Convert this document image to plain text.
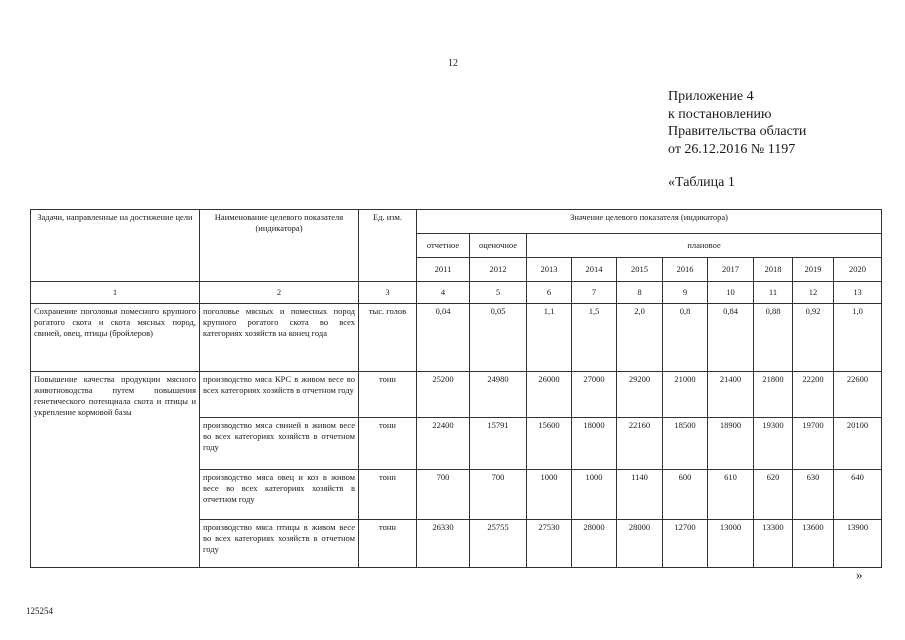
12
Приложение 4
к постановлению
Правительства области
от 26.12.2016 № 1197
«Таблица 1
Задачи, направленные на достижение цели	Наименование целевого показателя (индикатора)	Ед. изм.	Значение целевого показателя (индикатора)									
			отчетное	оценочное	плановое							
			2011	2012	2013	2014	2015	2016	2017	2018	2019	2020
1	2	3	4	5	6	7	8	9	10	11	12	13
Сохранение поголовья помесного крупного рогатого скота и скота мясных пород, свиней, овец, птицы (бройлеров)	поголовье мясных и помесных пород крупного рогатого скота во всех категориях хозяйств на конец года	тыс. голов	0,04	0,05	1,1	1,5	2,0	0,8	0,84	0,88	0,92	1,0
Повышение качества продукции мясного животноводства путем повышения генетического потенциала скота и птицы и укрепление кормовой базы	производство мяса КРС в живом весе во всех категориях хозяйств в отчетном году	тонн	25200	24980	26000	27000	29200	21000	21400	21800	22200	22600
	производство мяса свиней в живом весе во всех категориях хозяйств в отчетном году	тонн	22400	15791	15600	18000	22160	18500	18900	19300	19700	20100
	производство мяса овец и коз в живом весе во всех категориях хозяйств в отчетном году	тонн	700	700	1000	1000	1140	600	610	620	630	640
	производство мяса птицы в живом весе во всех категориях хозяйств в отчетном году	тонн	26330	25755	27530	28000	28000	12700	13000	13300	13600	13900
»
125254
